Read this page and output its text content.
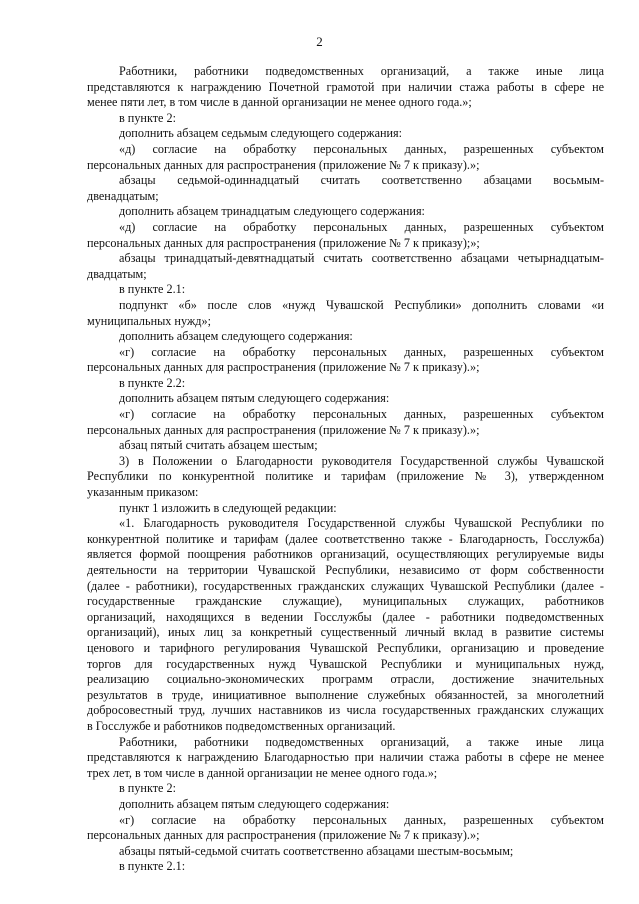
2

Работники, работники подведомственных организаций, а также иные лица

представляются к награждению Почетной грамотой при наличии стажа работы в сфере не

менее пяти лет, в том числе в данной организации не менее одного года.»;

в пункте 2:

дополнить абзацем седьмым следующего содержания:

«д) согласие на обработку персональных данных, разрешенных субъектом

персональных данных для распространения (приложение № 7 к приказу).»;

абзацы седьмой-одиннадцатый считать соответственно абзацами восьмым-

двенадцатым;

дополнить абзацем тринадцатым следующего содержания:

«д) согласие на обработку персональных данных, разрешенных субъектом

персональных данных для распространения (приложение № 7 к приказу);»;

абзацы тринадцатый-девятнадцатый считать соответственно абзацами четырнадцатым-

двадцатым;

в пункте 2.1:

подпункт «б» после слов «нужд Чувашской Республики» дополнить словами «и

муниципальных нужд»;

дополнить абзацем следующего содержания:

«г) согласие на обработку персональных данных, разрешенных субъектом

персональных данных для распространения (приложение № 7 к приказу).»;

в пункте 2.2:

дополнить абзацем пятым следующего содержания:

«г) согласие на обработку персональных данных, разрешенных субъектом

персональных данных для распространения (приложение № 7 к приказу).»;

абзац пятый считать абзацем шестым;

3) в Положении о Благодарности руководителя Государственной службы Чувашской

Республики по конкурентной политике и тарифам (приложение № 3), утвержденном

указанным приказом:

пункт 1 изложить в следующей редакции:

«1. Благодарность руководителя Государственной службы Чувашской Республики по

конкурентной политике и тарифам (далее соответственно также - Благодарность, Госслужба)

является формой поощрения работников организаций, осуществляющих регулируемые виды

деятельности на территории Чувашской Республики, независимо от форм собственности

(далее - работники), государственных гражданских служащих Чувашской Республики (далее -

государственные гражданские служащие), муниципальных служащих, работников

организаций, находящихся в ведении Госслужбы (далее - работники подведомственных

организаций), иных лиц за конкретный существенный личный вклад в развитие системы

ценового и тарифного регулирования Чувашской Республики, организацию и проведение

торгов для государственных нужд Чувашской Республики и муниципальных нужд,

реализацию социально-экономических программ отрасли, достижение значительных

результатов в труде, инициативное выполнение служебных обязанностей, за многолетний

добросовестный труд, лучших наставников из числа государственных гражданских служащих

в Госслужбе и работников подведомственных организаций.

Работники, работники подведомственных организаций, а также иные лица

представляются к награждению Благодарностью при наличии стажа работы в сфере не менее

трех лет, в том числе в данной организации не менее одного года.»;

в пункте 2:

дополнить абзацем пятым следующего содержания:

«г) согласие на обработку персональных данных, разрешенных субъектом

персональных данных для распространения (приложение № 7 к приказу).»;

абзацы пятый-седьмой считать соответственно абзацами шестым-восьмым;

в пункте 2.1:
